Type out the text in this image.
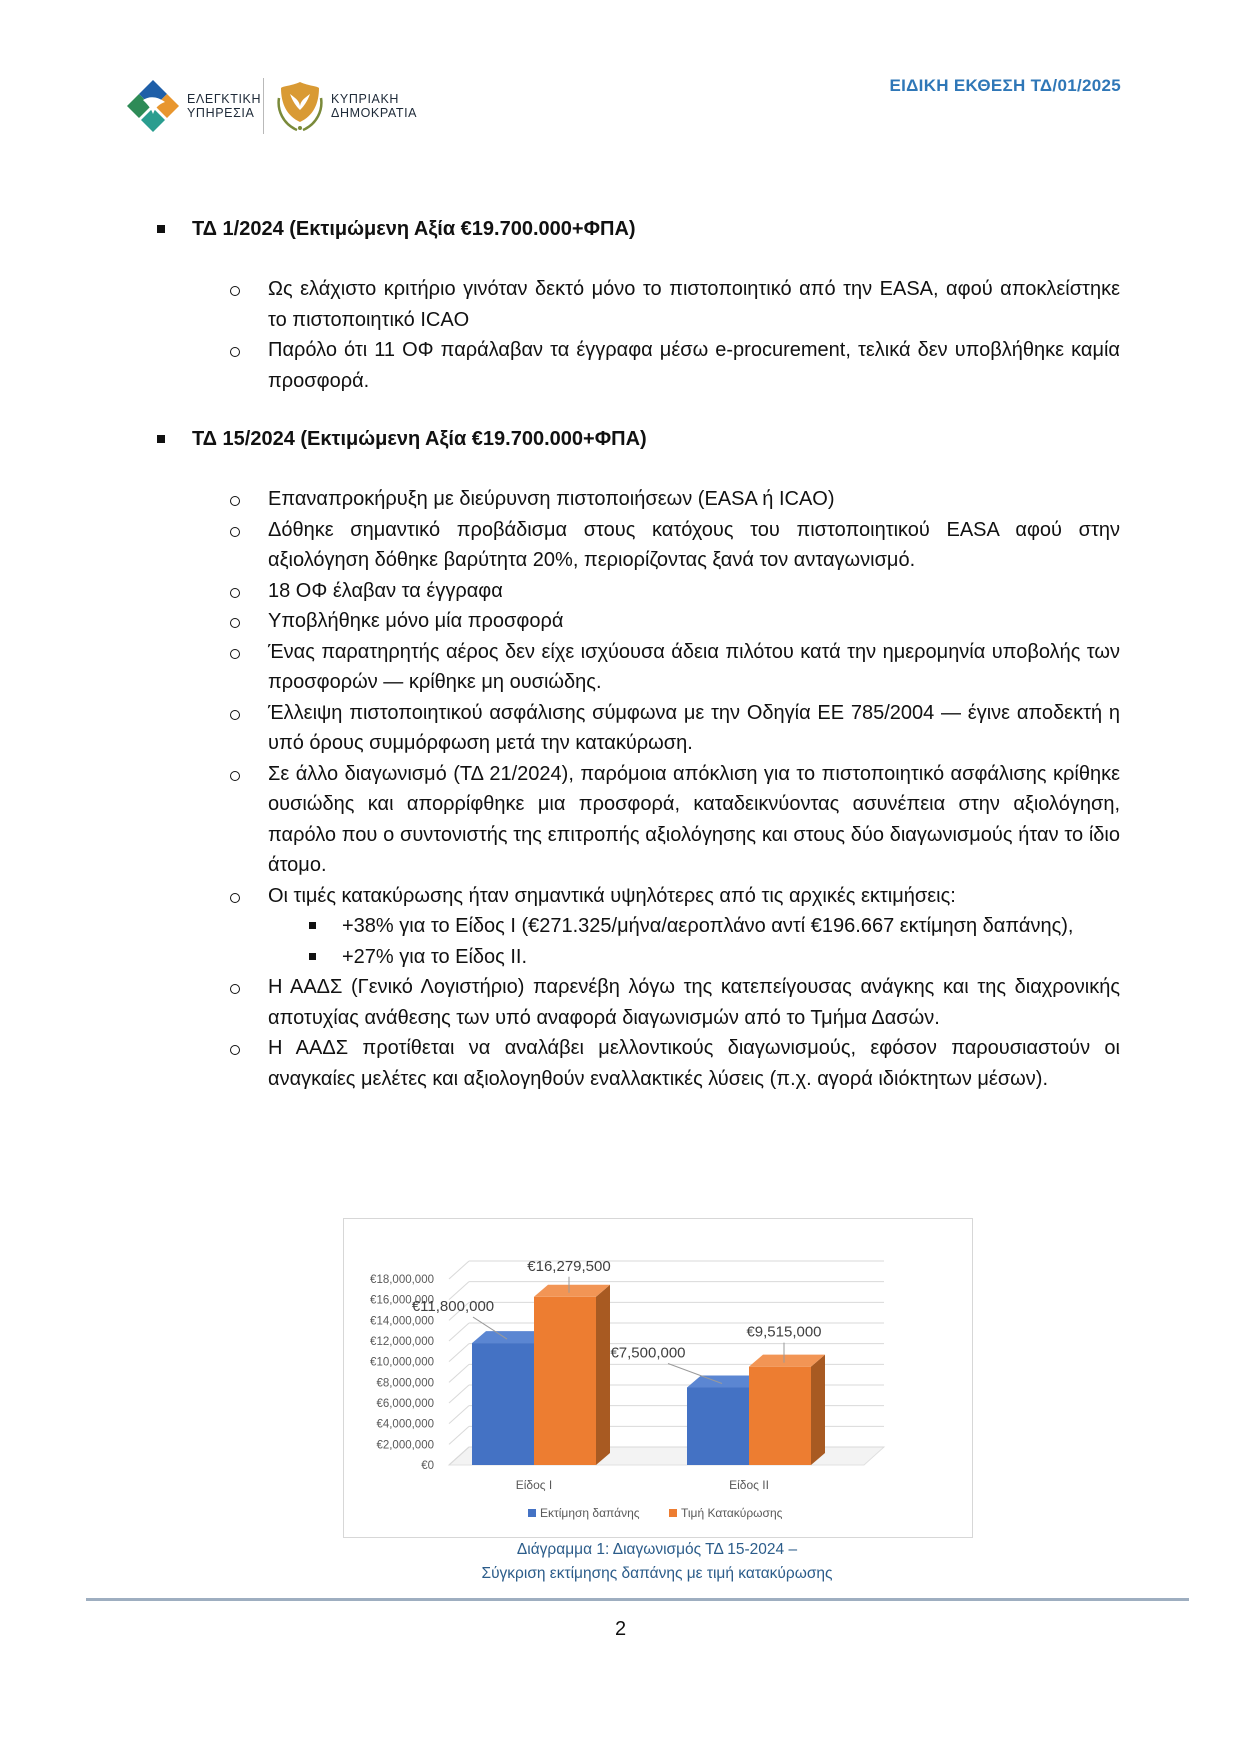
ΕΛΕΓΚΤΙΚΗ
ΥΠΗΡΕΣΙΑ
ΚΥΠΡΙΑΚΗ
ΔΗΜΟΚΡΑΤΙΑ
ΕΙΔΙΚΗ ΕΚΘΕΣΗ ΤΔ/01/2025
ΤΔ 1/2024 (Εκτιμώμενη Αξία €19.700.000+ΦΠΑ)
Ως ελάχιστο κριτήριο γινόταν δεκτό μόνο το πιστοποιητικό από την EASA, αφού αποκλείστηκε το πιστοποιητικό ICAO
Παρόλο ότι 11 ΟΦ παράλαβαν τα έγγραφα μέσω e-procurement, τελικά δεν υποβλήθηκε καμία προσφορά.
ΤΔ 15/2024 (Εκτιμώμενη Αξία €19.700.000+ΦΠΑ)
Επαναπροκήρυξη με διεύρυνση πιστοποιήσεων (EASA ή ICAO)
Δόθηκε σημαντικό προβάδισμα στους κατόχους του πιστοποιητικού EASA αφού στην αξιολόγηση δόθηκε βαρύτητα 20%, περιορίζοντας ξανά τον ανταγωνισμό.
18 ΟΦ έλαβαν τα έγγραφα
Υποβλήθηκε μόνο μία προσφορά
Ένας παρατηρητής αέρος δεν είχε ισχύουσα άδεια πιλότου κατά την ημερομηνία υποβολής των προσφορών — κρίθηκε μη ουσιώδης.
Έλλειψη πιστοποιητικού ασφάλισης σύμφωνα με την Οδηγία ΕΕ 785/2004 — έγινε αποδεκτή η υπό όρους συμμόρφωση μετά την κατακύρωση.
Σε άλλο διαγωνισμό (ΤΔ 21/2024), παρόμοια απόκλιση για το πιστοποιητικό ασφάλισης κρίθηκε ουσιώδης και απορρίφθηκε μια προσφορά, καταδεικνύοντας ασυνέπεια στην αξιολόγηση, παρόλο που ο συντονιστής της επιτροπής αξιολόγησης και στους δύο διαγωνισμούς ήταν το ίδιο άτομο.
Οι τιμές κατακύρωσης ήταν σημαντικά υψηλότερες από τις αρχικές εκτιμήσεις:
+38% για το Είδος Ι (€271.325/μήνα/αεροπλάνο αντί €196.667 εκτίμηση δαπάνης),
+27% για το Είδος ΙΙ.
Η ΑΑΔΣ (Γενικό Λογιστήριο) παρενέβη λόγω της κατεπείγουσας ανάγκης και της διαχρονικής αποτυχίας ανάθεσης των υπό αναφορά διαγωνισμών από το Τμήμα Δασών.
Η ΑΑΔΣ προτίθεται να αναλάβει μελλοντικούς διαγωνισμούς, εφόσον παρουσιαστούν οι αναγκαίες μελέτες και αξιολογηθούν εναλλακτικές λύσεις (π.χ. αγορά ιδιόκτητων μέσων).
€0
€2,000,000
€4,000,000
€6,000,000
€8,000,000
€10,000,000
€12,000,000
€14,000,000
€16,000,000
€18,000,000
€11,800,000
€7,500,000
€16,279,500
€9,515,000
Είδος Ι	Είδος ΙΙ
Εκτίμηση δαπάνης	Τιμή Κατακύρωσης
Διάγραμμα 1: Διαγωνισμός ΤΔ 15-2024 –
Σύγκριση εκτίμησης δαπάνης με τιμή κατακύρωσης
2
